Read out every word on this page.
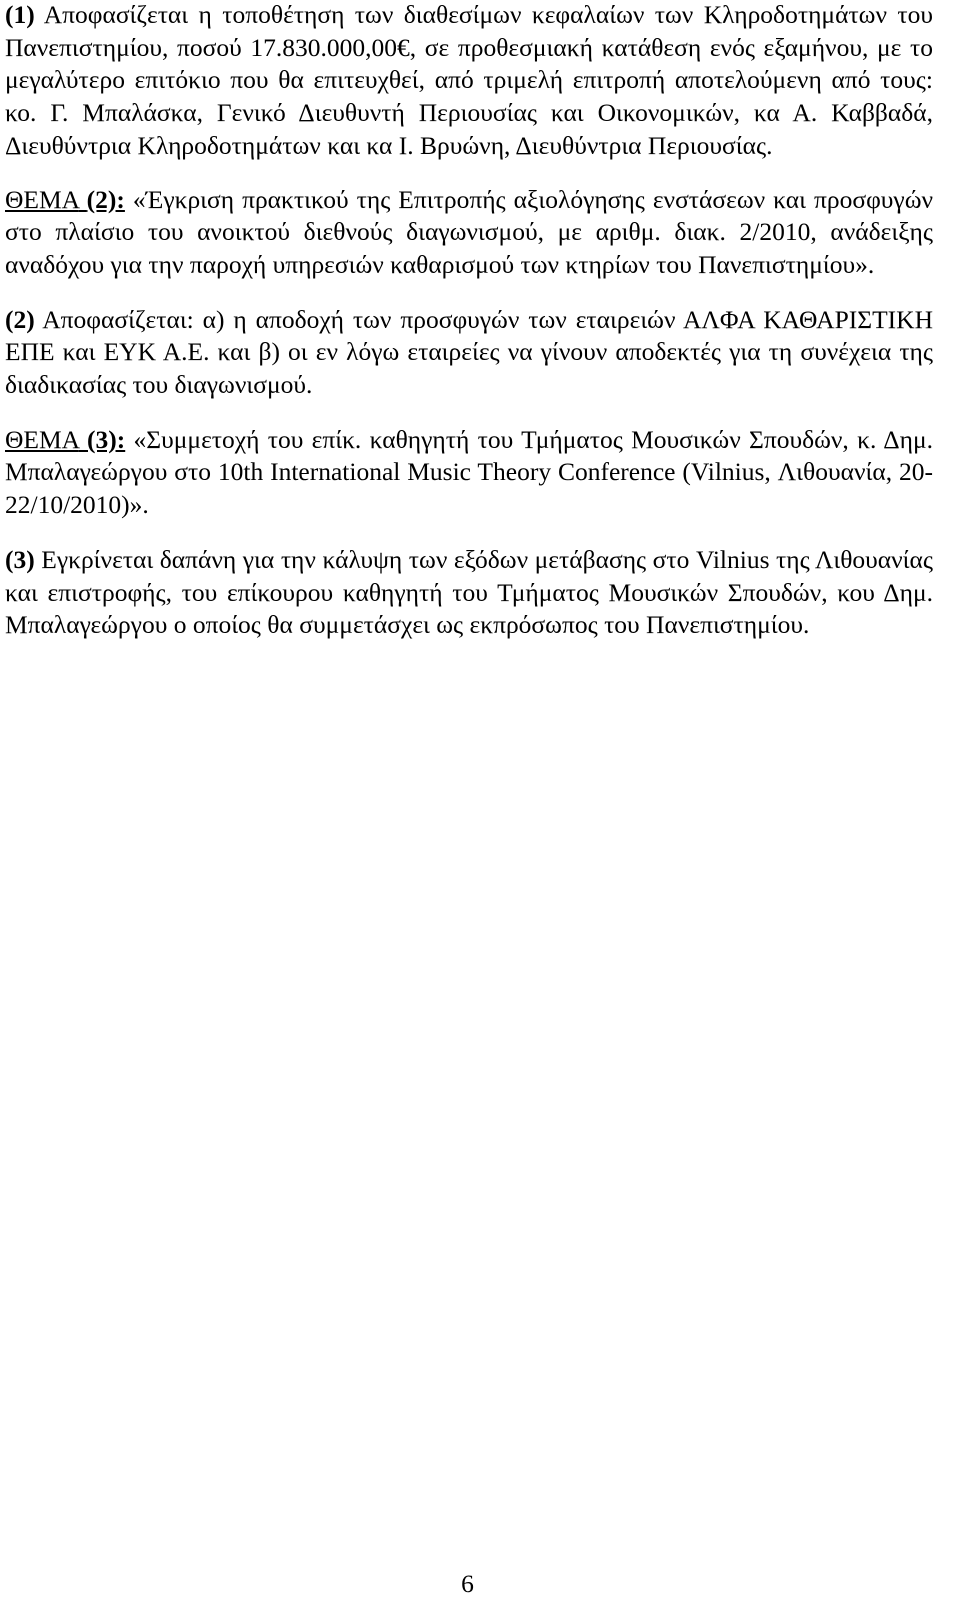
(1) Αποφασίζεται η τοποθέτηση των διαθεσίμων κεφαλαίων των Κληροδοτημάτων του Πανεπιστημίου, ποσού 17.830.000,00€, σε προθεσμιακή κατάθεση ενός εξαμήνου, με το μεγαλύτερο επιτόκιο που θα επιτευχθεί, από τριμελή επιτροπή αποτελούμενη από τους: κο. Γ. Μπαλάσκα, Γενικό Διευθυντή Περιουσίας και Οικονομικών, κα Α. Καββαδά, Διευθύντρια Κληροδοτημάτων και κα Ι. Βρυώνη, Διευθύντρια Περιουσίας.

ΘΕΜΑ (2): «Έγκριση πρακτικού της Επιτροπής αξιολόγησης ενστάσεων και προσφυγών στο πλαίσιο του ανοικτού διεθνούς διαγωνισμού, με αριθμ. διακ. 2/2010, ανάδειξης αναδόχου για την παροχή υπηρεσιών καθαρισμού των κτηρίων του Πανεπιστημίου».

(2) Αποφασίζεται: α) η αποδοχή των προσφυγών των εταιρειών ΑΛΦΑ ΚΑΘΑΡΙΣΤΙΚΗ ΕΠΕ και ΕΥΚ Α.Ε. και β) οι εν λόγω εταιρείες να γίνουν αποδεκτές για τη συνέχεια της διαδικασίας του διαγωνισμού.

ΘΕΜΑ (3): «Συμμετοχή του επίκ. καθηγητή του Τμήματος Μουσικών Σπουδών, κ. Δημ. Μπαλαγεώργου στο 10th International Music Theory Conference (Vilnius, Λιθουανία, 20-22/10/2010)».

(3) Εγκρίνεται δαπάνη για την κάλυψη των εξόδων μετάβασης στο Vilnius της Λιθουανίας και επιστροφής, του επίκουρου καθηγητή του Τμήματος Μουσικών Σπουδών, κου Δημ. Μπαλαγεώργου ο οποίος θα συμμετάσχει ως εκπρόσωπος του Πανεπιστημίου.

6
